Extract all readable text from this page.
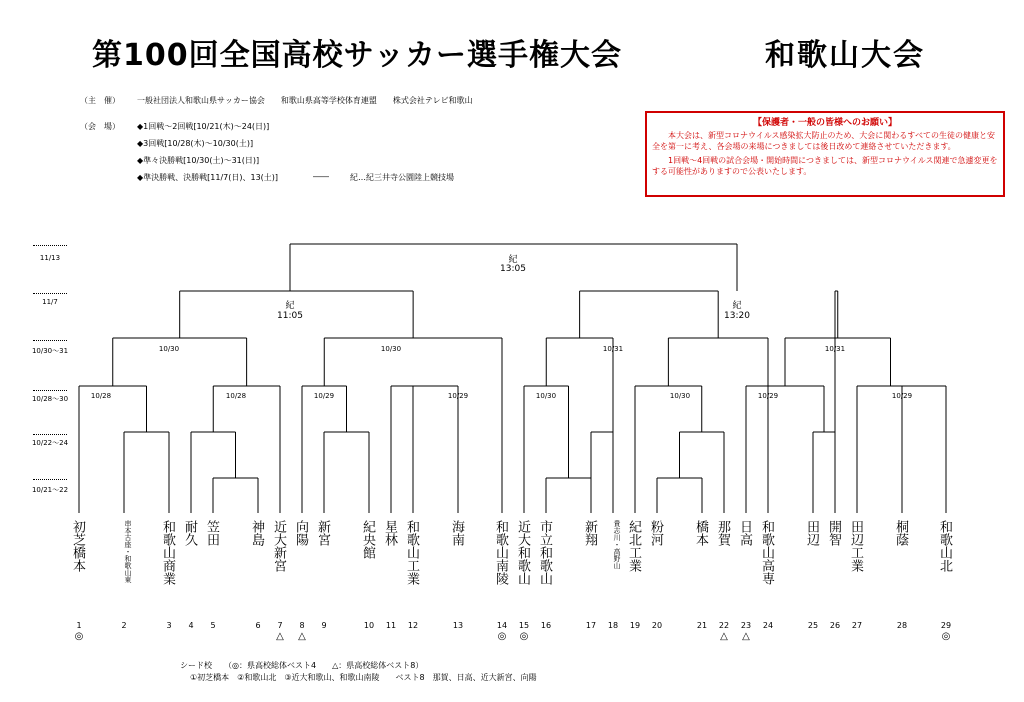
第100回全国高校サッカー選手権大会	和歌山大会
（主　催） 一般社団法人和歌山県サッカー協会　　和歌山県高等学校体育連盟　　株式会社テレビ和歌山
（会　場） ◆1回戦～2回戦[10/21(木)～24(日)]
◆3回戦[10/28(木)～10/30(土)]
◆準々決勝戦[10/30(土)～31(日)]
◆準決勝戦、決勝戦[11/7(日)、13(土)]	――	紀…紀三井寺公園陸上競技場
【保護者・一般の皆様へのお願い】

本大会は、新型コロナウイルス感染拡大防止のため、大会に関わるすべての生徒の健康と安全を第一に考え、各会場の来場につきましては後日改めて連絡させていただきます。

1回戦～4回戦の試合会場・開始時間につきましては、新型コロナウイルス関連で急遽変更をする可能性がありますので公表いたします。

11/13
11/7
10/30～31
10/28～30
10/22～24
10/21～22
紀
13:05
紀
11:05
紀
13:20
10/30	10/30	10/31	10/31
10/28	10/28	10/29	10/29	10/30	10/30	10/29	10/29
初芝橋本
1
◎
串本古座・和歌山東
2
和歌山商業
3
耐久
4
笠田
5
神島
6
近大新宮
7
△
向陽
8
△
新宮
9
紀央館
10
星林
11
和歌山工業
12
海南
13
和歌山南陵
14
◎
近大和歌山
15
◎
市立和歌山
16
新翔
17
貴志川・高野山
18
紀北工業
19
粉河
20
橋本
21
那賀
22
△
日高
23
△
和歌山高専
24
田辺
25
開智
26
田辺工業
27
桐蔭
28
和歌山北
29
◎
シード校　　（◎：県高校総体ベスト4　　△：県高校総体ベスト8）
①初芝橋本　②和歌山北　③近大和歌山、和歌山南陵　　ベスト8　那賀、日高、近大新宮、向陽
